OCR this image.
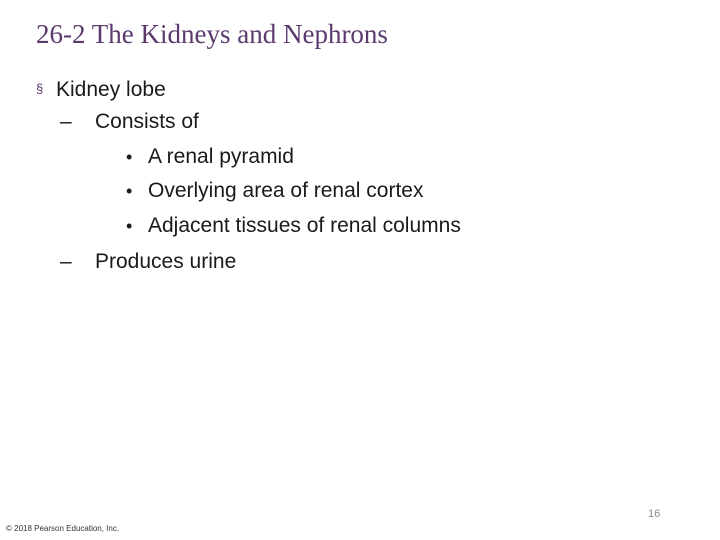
26-2 The Kidneys and Nephrons
§ Kidney lobe
– Consists of
• A renal pyramid
• Overlying area of renal cortex
• Adjacent tissues of renal columns
– Produces urine
16
© 2018 Pearson Education, Inc.
